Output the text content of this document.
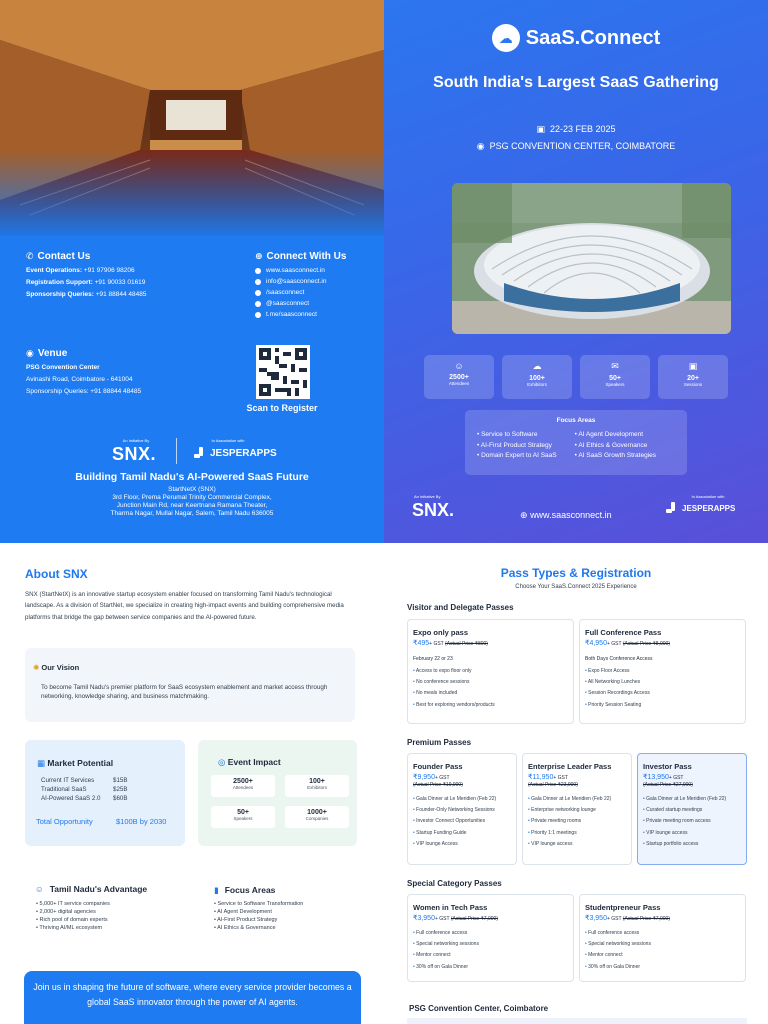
✆ Contact Us
Event Operations: +91 97906 98206
Registration Support: +91 90033 01619
Sponsorship Queries: +91 88844 48485
⊕ Connect With Us
www.saasconnect.in
info@saasconnect.in
/saasconnect
@saasconnect
t.me/saasconnect
◉ Venue
PSG Convention Center
Avinashi Road, Coimbatore - 641004
Sponsorship Queries: +91 88844 48485
Scan to Register
An Initiative By
SNX.
In Association with
JESPERAPPS
Building Tamil Nadu's AI-Powered SaaS Future
StartNetX (SNX)
3rd Floor, Prema Perumal Trinity Commercial Complex,
Junction Main Rd, near Keertnana Ramana Theater,
Tharma Nagar, Mullai Nagar, Salem, Tamil Nadu 636005
☁ SaaS.Connect
South India's Largest SaaS Gathering
▣ 22-23 FEB 2025
◉ PSG CONVENTION CENTER, COIMBATORE
☺
2500+
Attendees
☁
100+
Exhibitors
✉
50+
Speakers
▣
20+
Sessions
Focus Areas
• Service to Software
• AI-First Product Strategy
• Domain Expert to AI SaaS
• AI Agent Development
• AI Ethics & Governance
• AI SaaS Growth Strategies
An Initiative By
SNX.	⊕ www.saasconnect.in
In Association with
JESPERAPPS
About SNX
SNX (StartNetX) is an innovative startup ecosystem enabler focused on transforming Tamil Nadu's technological landscape. As a division of StartNet, we specialize in creating high-impact events and building comprehensive media platforms that bridge the gap between service companies and the AI-powered future.
✺ Our Vision

To become Tamil Nadu's premier platform for SaaS ecosystem enablement and market access through networking, knowledge sharing, and business matchmaking.

▦ Market Potential
Current IT Services	$15B
Traditional SaaS	$25B
AI-Powered SaaS 2.0 $60B
Total Opportunity	$100B by 2030
◎ Event Impact
2500+
Attendees
100+
Exhibitors
50+
Speakers
1000+
Companies
☺ Tamil Nadu's Advantage
• 5,000+ IT service companies
• 2,000+ digital agencies
• Rich pool of domain experts
• Thriving AI/ML ecosystem
▮ Focus Areas
• Service to Software Transformation
• AI Agent Development
• AI-First Product Strategy
• AI Ethics & Governance
Join us in shaping the future of software, where every service provider becomes a global SaaS innovator through the power of AI agents.
Pass Types & Registration
Choose Your SaaS.Connect 2025 Experience
Visitor and Delegate Passes
Expo only pass
₹495+ GST (Actual Price ₹800)
February 22 or 23
• Access to expo floor only
• No conference sessions
• No meals included
• Best for exploring vendors/products
Full Conference Pass
₹4,950+ GST (Actual Price ₹8,000)
Both Days Conference Access
• Expo Floor Access
• All Networking Lunches
• Session Recordings Access
• Priority Session Seating
Premium Passes
Founder Pass
₹9,950+ GST
(Actual Price ₹19,900)
• Gala Dinner at Le Meridien (Feb 22)
• Founder-Only Networking Sessions
• Investor Connect Opportunities
• Startup Funding Guide
• VIP lounge Access
Enterprise Leader Pass
₹11,950+ GST
(Actual Price ₹23,900)
• Gala Dinner at Le Meridien (Feb 22)
• Enterprise networking lounge
• Private meeting rooms
• Priority 1:1 meetings
• VIP lounge access
Investor Pass
₹13,950+ GST
(Actual Price ₹27,900)
• Gala Dinner at Le Meridien (Feb 22)
• Curated startup meetings
• Private meeting room access
• VIP lounge access
• Startup portfolio access
Special Category Passes
Women in Tech Pass
₹3,950+ GST (Actual Price ₹7,000)
• Full conference access
• Special networking sessions
• Mentor connect
• 30% off on Gala Dinner
Studentpreneur Pass
₹3,950+ GST (Actual Price ₹7,000)
• Full conference access
• Special networking sessions
• Mentor connect
• 30% off on Gala Dinner
PSG Convention Center, Coimbatore
